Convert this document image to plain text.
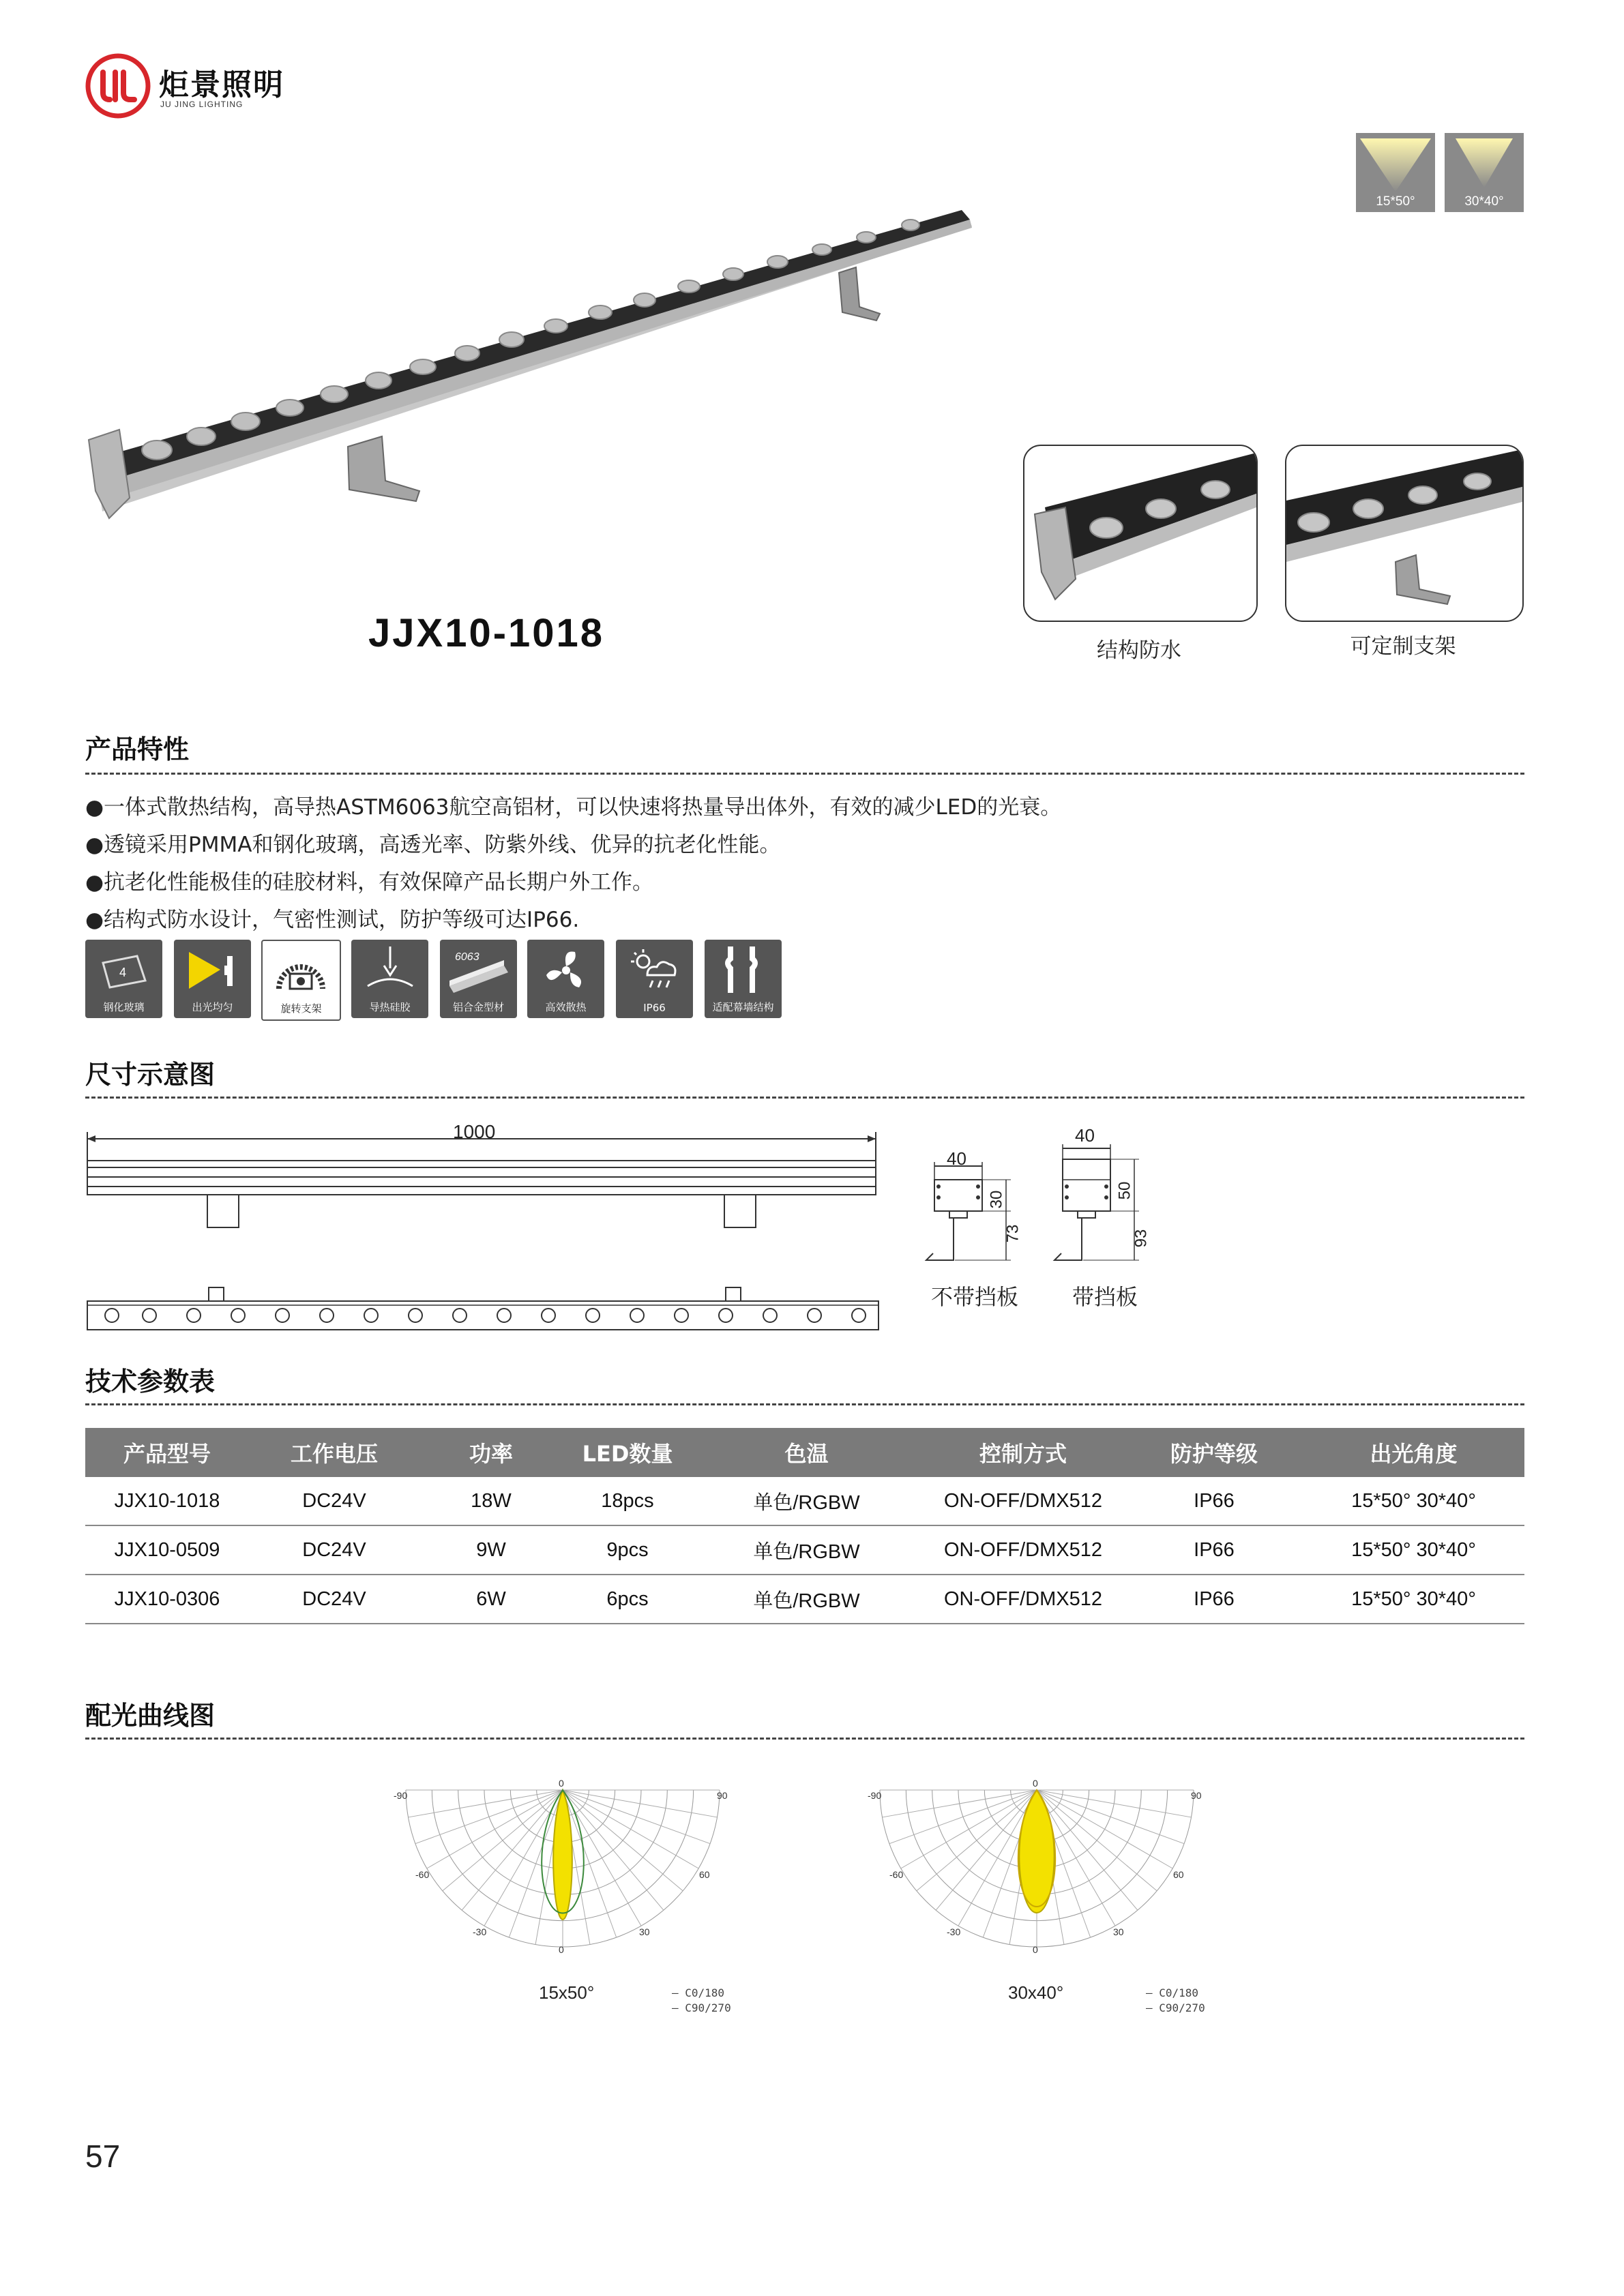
炬景照明
JU JING LIGHTING
15*50°	30*40°
JJX10-1018	结构防水	可定制支架
产品特性
●一体式散热结构，高导热ASTM6063航空高铝材，可以快速将热量导出体外，有效的减少LED的光衰。
●透镜采用PMMA和钢化玻璃，高透光率、防紫外线、优异的抗老化性能。
●抗老化性能极佳的硅胶材料，有效保障产品长期户外工作。
●结构式防水设计，气密性测试，防护等级可达IP66.
4
钢化玻璃	出光均匀	旋转支架	导热硅胶
6063
铝合金型材	高效散热	IP66	适配幕墙结构
尺寸示意图
1000
40
30
73
不带挡板
40
50
93
带挡板
技术参数表
产品型号	工作电压	功率	LED数量	色温	控制方式	防护等级	出光角度
JJX10-1018	DC24V	18W	18pcs	单色/RGBW	ON-OFF/DMX512	IP66	15*50° 30*40°
JJX10-0509	DC24V	9W	9pcs	单色/RGBW	ON-OFF/DMX512	IP66	15*50° 30*40°
JJX10-0306	DC24V	6W	6pcs	单色/RGBW	ON-OFF/DMX512	IP66	15*50° 30*40°
配光曲线图
0
-90	90
-60	60
-30	30
0
0
-90	90
-60	60
-30	30
0
15x50°	30x40°
— C0/180
— C90/270
— C0/180
— C90/270
57
